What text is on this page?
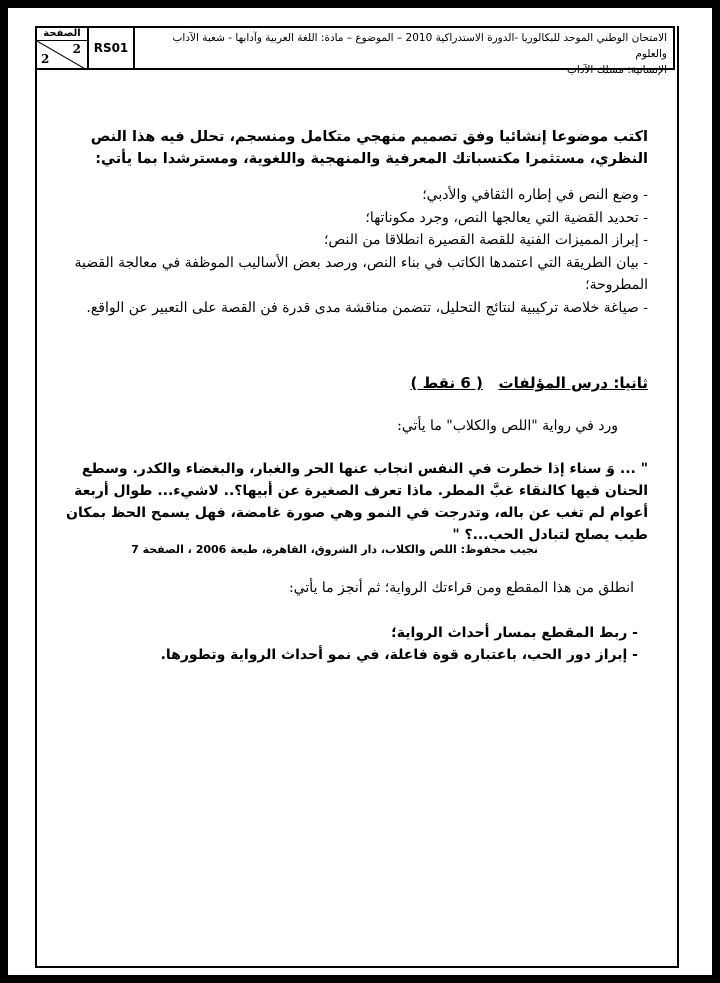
الصفحة
2
2
RS01
الامتحان الوطني الموحد للبكالوريا -الدورة الاستدراكية 2010 – الموضوع – مادة: اللغة العربية وآدابها - شعبة الآداب والعلوم
الإنسانية: مسلك الآداب
اكتب موضوعا إنشائيا وفق تصميم منهجي متكامل ومنسجم، تحلل فيه هذا النص النظري، مستثمرا مكتسباتك المعرفية والمنهجية واللغوية، ومسترشدا بما يأتي:
- وضع النص في إطاره الثقافي والأدبي؛
- تحديد القضية التي يعالجها النص، وجرد مكوناتها؛
- إبراز المميزات الفنية للقصة القصيرة انطلاقا من النص؛
- بيان الطريقة التي اعتمدها الكاتب في بناء النص، ورصد بعض الأساليب الموظفة في معالجة القضية المطروحة؛
- صياغة خلاصة تركيبية لنتائج التحليل، تتضمن مناقشة مدى قدرة فن القصة على التعبير عن الواقع.
ثانيا: درس المؤلفات   ( 6 نقط )
ورد في رواية "اللص والكلاب" ما يأتي:
" ... وَ سناء إذا خطرت في النفس انجاب عنها الحر والغبار، والبغضاء والكدر. وسطع الحنان فيها كالنقاء غبَّ المطر. ماذا تعرف الصغيرة عن أبيها؟.. لاشيء... طوال أربعة أعوام لم تغب عن باله، وتدرجت في النمو وهي صورة غامضة، فهل يسمح الحظ بمكان طيب يصلح لتبادل الحب...؟ "
نجيب محفوظ: اللص والكلاب، دار الشروق، القاهرة، طبعة 2006 ، الصفحة 7
انطلق من هذا المقطع ومن قراءتك الرواية؛ ثم أنجز ما يأتي:
- ربط المقطع بمسار أحداث الرواية؛
- إبراز دور الحب، باعتباره قوة فاعلة، في نمو أحداث الرواية وتطورها.
